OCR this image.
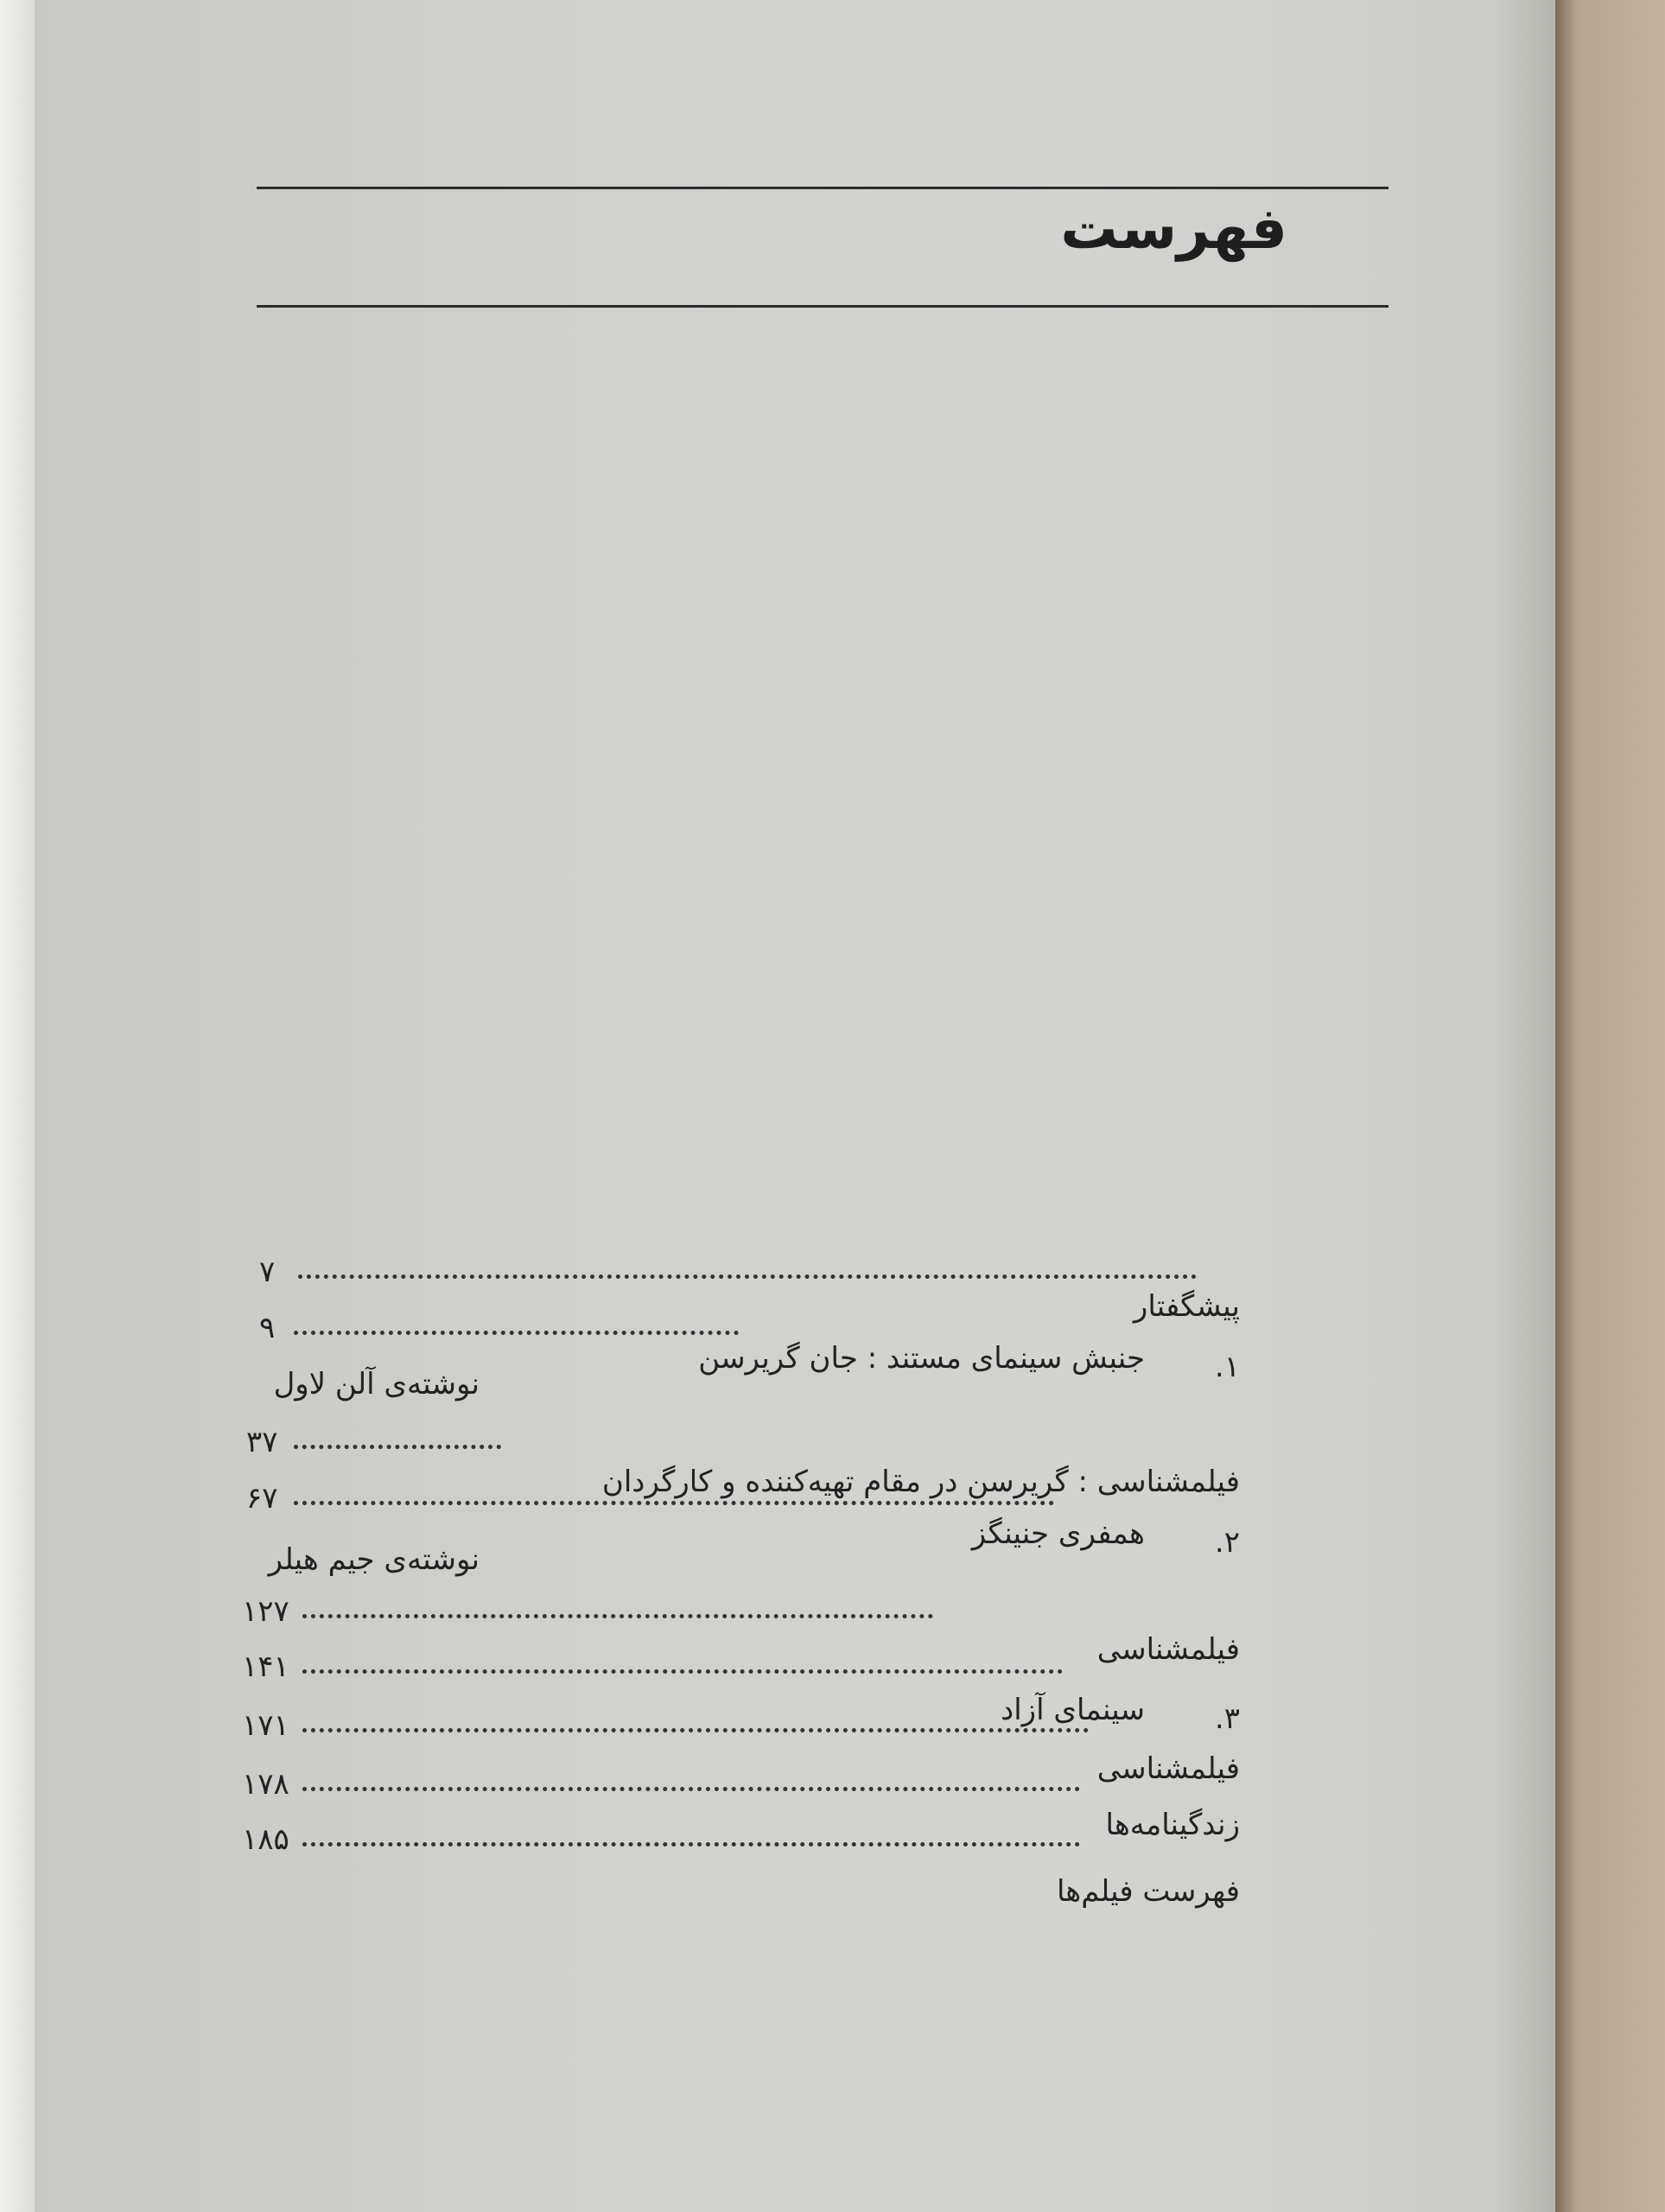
فهرست
۷
پیشگفتار
۹
۱.
جنبش سینمای مستند : جان گریرسن
نوشته‌ی آلن لاول
۳۷
فیلمشناسی : گریرسن در مقام تهیه‌کننده و کارگردان
۶۷
۲.
همفری جنینگز
نوشته‌ی جیم هیلر
۱۲۷
فیلمشناسی
۱۴۱
۳.
سینمای آزاد
۱۷۱
فیلمشناسی
۱۷۸
زندگینامه‌ها
۱۸۵
فهرست فیلم‌ها
